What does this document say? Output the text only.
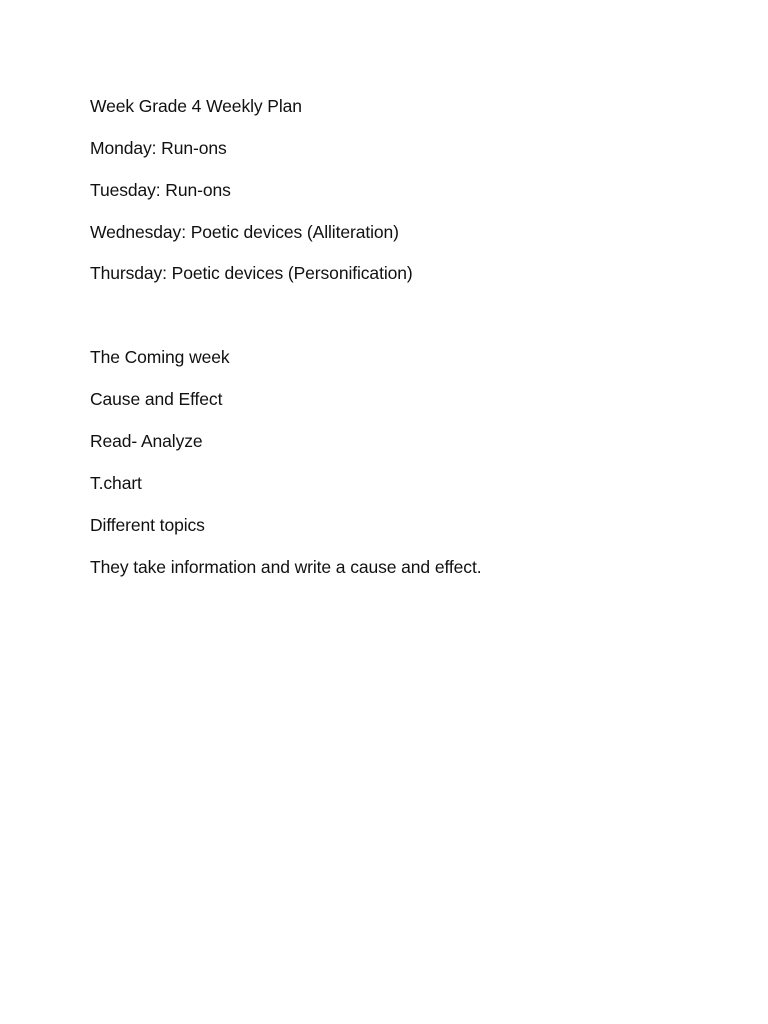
Week Grade 4 Weekly Plan
Monday: Run-ons
Tuesday: Run-ons
Wednesday: Poetic devices (Alliteration)
Thursday: Poetic devices (Personification)
The Coming week
Cause and Effect
Read- Analyze
T.chart
Different topics
They take information and write a cause and effect.
